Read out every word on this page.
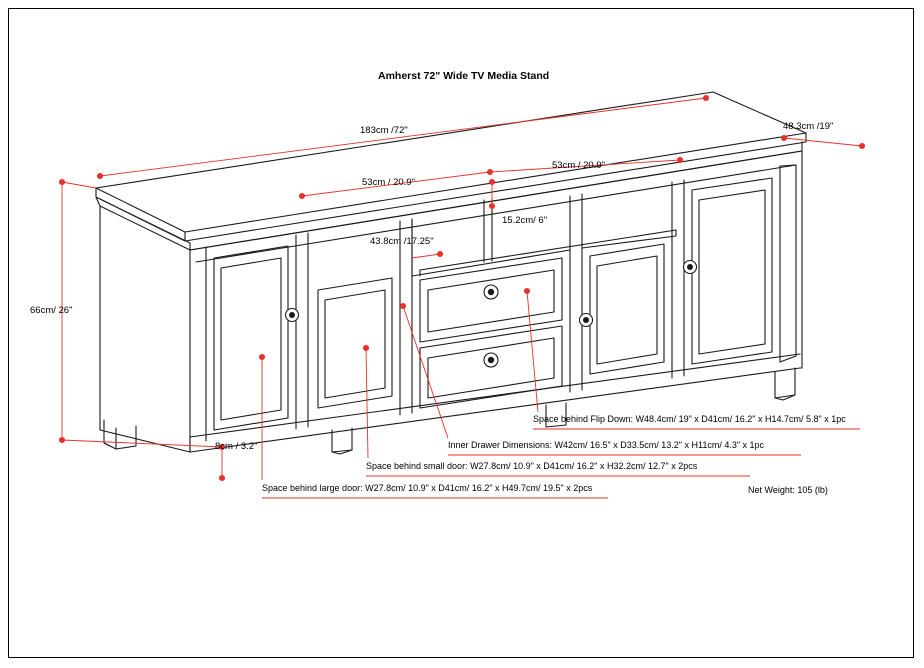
Amherst 72" Wide TV Media Stand
183cm /72"	48.3cm /19"
66cm/ 26"
8cm / 3.2"
53cm / 20.9"
53cm / 20.9"
43.8cm /17.25"
15.2cm/ 6"
Space behind Flip Down: W48.4cm/ 19" x D41cm/ 16.2" x H14.7cm/ 5.8" x 1pc
Inner Drawer Dimensions: W42cm/ 16.5" x D33.5cm/ 13.2" x H11cm/ 4.3" x 1pc
Space behind small door: W27.8cm/ 10.9" x D41cm/ 16.2" x H32.2cm/ 12.7" x 2pcs
Space behind large door: W27.8cm/ 10.9" x D41cm/ 16.2" x H49.7cm/ 19.5" x 2pcs	Net Weight: 105 (lb)
